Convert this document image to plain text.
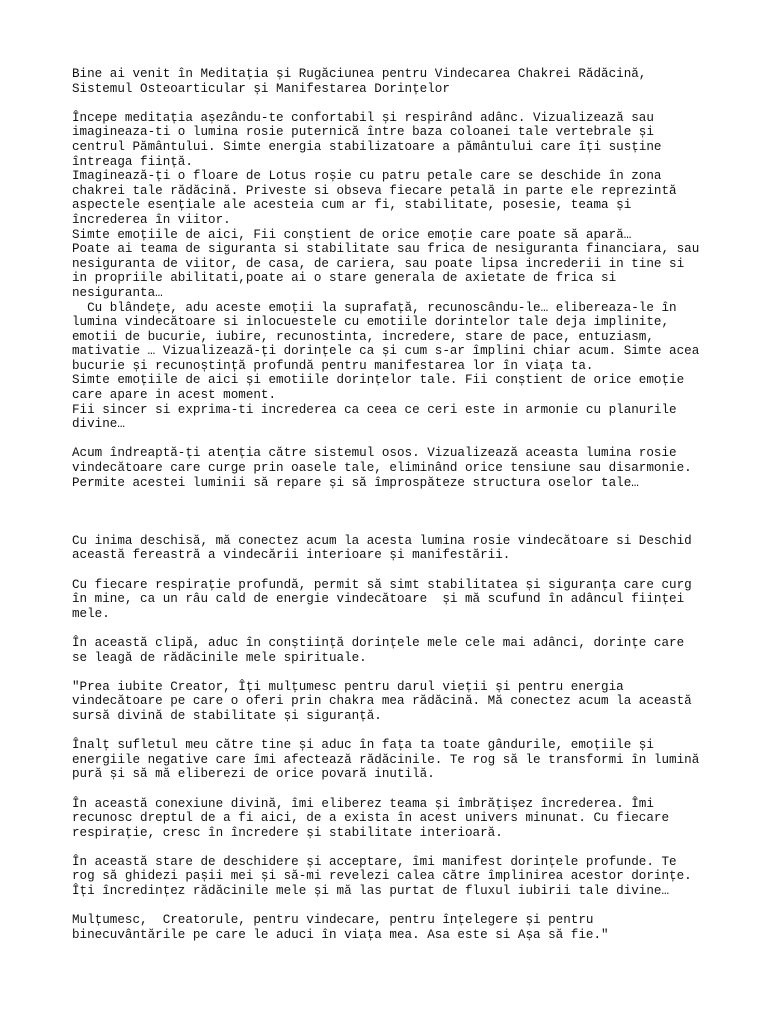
Bine ai venit în Meditația și Rugăciunea pentru Vindecarea Chakrei Rădăcină,
Sistemul Osteoarticular și Manifestarea Dorințelor

Începe meditația așezându-te confortabil și respirând adânc. Vizualizează sau
imagineaza-ti o lumina rosie puternică între baza coloanei tale vertebrale și
centrul Pământului. Simte energia stabilizatoare a pământului care îți susține
întreaga ființă.
Imaginează-ți o floare de Lotus roșie cu patru petale care se deschide în zona
chakrei tale rădăcină. Priveste si obseva fiecare petală in parte ele reprezintă
aspectele esențiale ale acesteia cum ar fi, stabilitate, posesie, teama și
încrederea în viitor.
Simte emoțiile de aici, Fii conștient de orice emoție care poate să apară…
Poate ai teama de siguranta si stabilitate sau frica de nesiguranta financiara, sau
nesiguranta de viitor, de casa, de cariera, sau poate lipsa increderii in tine si
in propriile abilitati,poate ai o stare generala de axietate de frica si
nesiguranta…
Cu blândețe, adu aceste emoții la suprafață, recunoscându-le… elibereaza-le în
lumina vindecătoare si inlocuestele cu emotiile dorintelor tale deja implinite,
emotii de bucurie, iubire, recunostinta, incredere, stare de pace, entuziasm,
mativatie … Vizualizează-ți dorințele ca și cum s-ar împlini chiar acum. Simte acea
bucurie și recunoștință profundă pentru manifestarea lor în viața ta.
Simte emoțiile de aici și emotiile dorințelor tale. Fii conștient de orice emoție
care apare in acest moment.
Fii sincer si exprima-ti increderea ca ceea ce ceri este in armonie cu planurile
divine…

Acum îndreaptă-ți atenția către sistemul osos. Vizualizează aceasta lumina rosie
vindecătoare care curge prin oasele tale, eliminând orice tensiune sau disarmonie.
Permite acestei luminii să repare și să împrospăteze structura oselor tale…

Cu inima deschisă, mă conectez acum la acesta lumina rosie vindecătoare si Deschid
această fereastră a vindecării interioare și manifestării.

Cu fiecare respirație profundă, permit să simt stabilitatea și siguranța care curg
în mine, ca un râu cald de energie vindecătoare  și mă scufund în adâncul ființei
mele.

În această clipă, aduc în conștiință dorințele mele cele mai adânci, dorințe care
se leagă de rădăcinile mele spirituale.

"Prea iubite Creator, Îți mulțumesc pentru darul vieții și pentru energia
vindecătoare pe care o oferi prin chakra mea rădăcină. Mă conectez acum la această
sursă divină de stabilitate și siguranță.

Înalț sufletul meu către tine și aduc în fața ta toate gândurile, emoțiile și
energiile negative care îmi afectează rădăcinile. Te rog să le transformi în lumină
pură și să mă eliberezi de orice povară inutilă.

În această conexiune divină, îmi eliberez teama și îmbrățișez încrederea. Îmi
recunosc dreptul de a fi aici, de a exista în acest univers minunat. Cu fiecare
respirație, cresc în încredere și stabilitate interioară.

În această stare de deschidere și acceptare, îmi manifest dorințele profunde. Te
rog să ghidezi pașii mei și să-mi revelezi calea către împlinirea acestor dorințe.
Îți încredințez rădăcinile mele și mă las purtat de fluxul iubirii tale divine…

Mulțumesc,  Creatorule, pentru vindecare, pentru înțelegere și pentru
binecuvântările pe care le aduci în viața mea. Asa este si Așa să fie."
